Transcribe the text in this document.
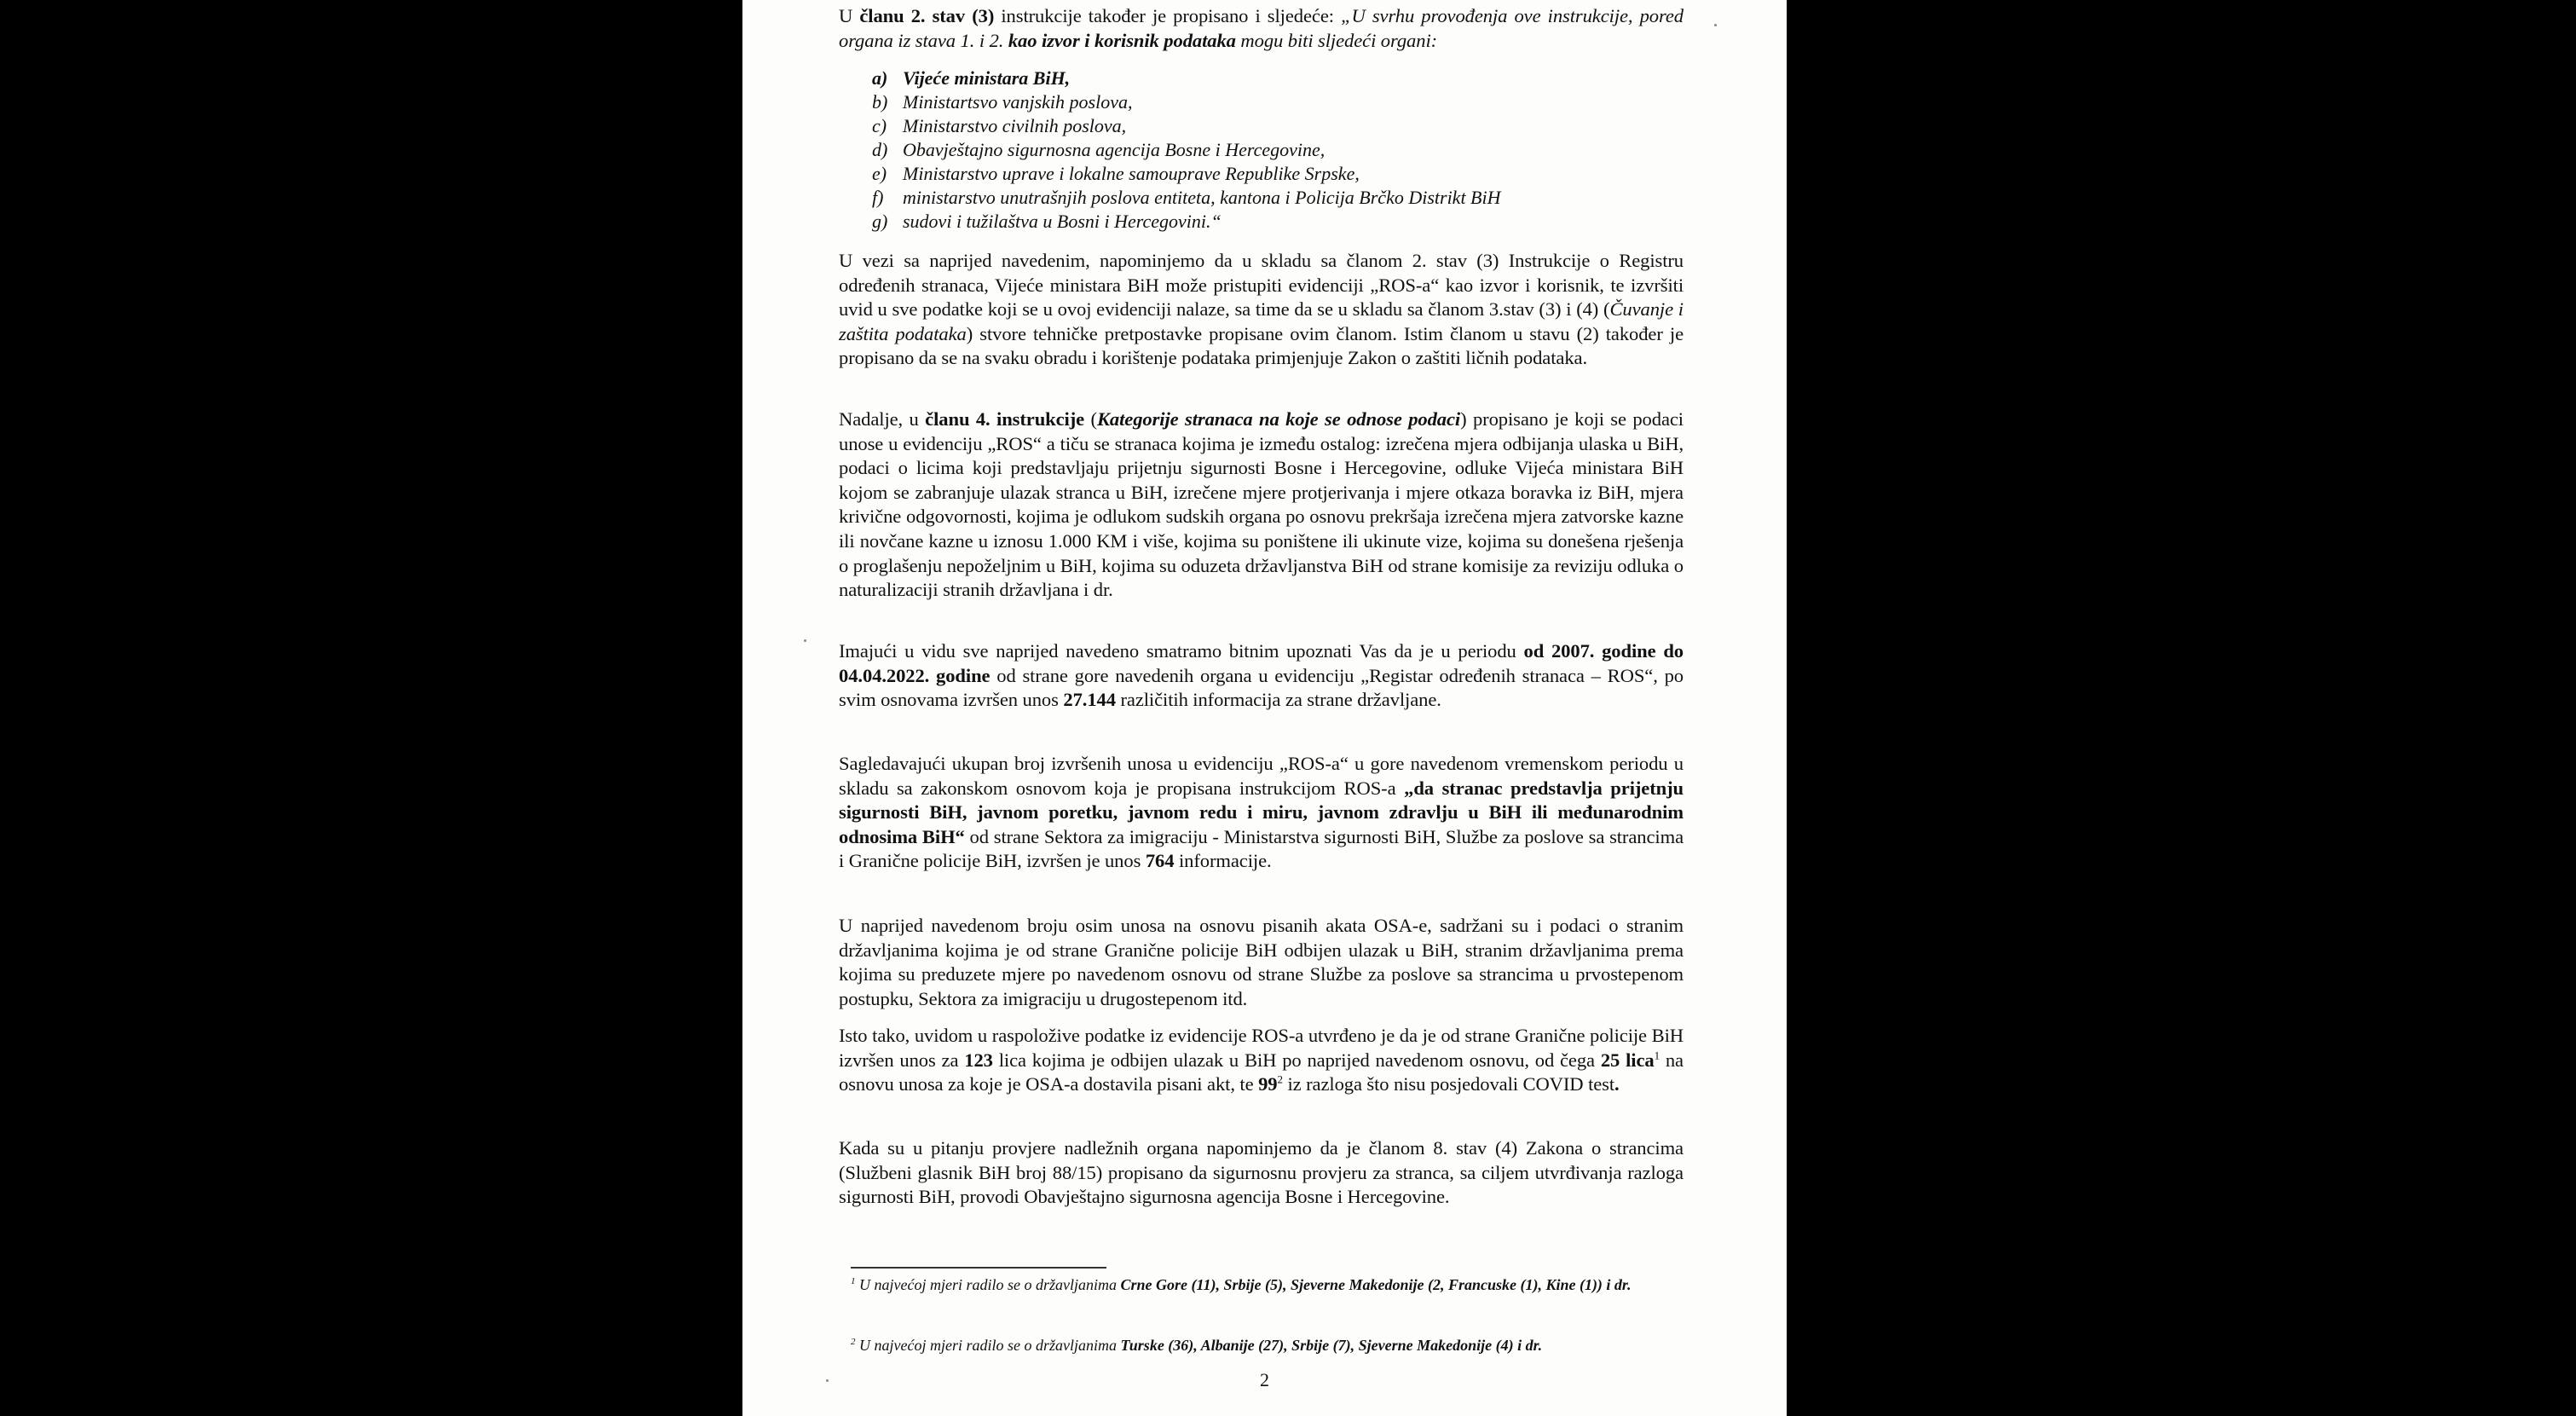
U članu 2. stav (3) instrukcije također je propisano i sljedeće: „U svrhu provođenja ove instrukcije, pored organa iz stava 1. i 2. kao izvor i korisnik podataka mogu biti sljedeći organi:

a) Vijeće ministara BiH,
b) Ministartsvo vanjskih poslova,
c) Ministarstvo civilnih poslova,
d) Obavještajno sigurnosna agencija Bosne i Hercegovine,
e) Ministarstvo uprave i lokalne samouprave Republike Srpske,
f) ministarstvo unutrašnjih poslova entiteta, kantona i Policija Brčko Distrikt BiH
g) sudovi i tužilaštva u Bosni i Hercegovini.“

U vezi sa naprijed navedenim, napominjemo da u skladu sa članom 2. stav (3) Instrukcije o Registru određenih stranaca, Vijeće ministara BiH može pristupiti evidenciji „ROS-a“ kao izvor i korisnik, te izvršiti uvid u sve podatke koji se u ovoj evidenciji nalaze, sa time da se u skladu sa članom 3.stav (3) i (4) (Čuvanje i zaštita podataka) stvore tehničke pretpostavke propisane ovim članom. Istim članom u stavu (2) također je propisano da se na svaku obradu i korištenje podataka primjenjuje Zakon o zaštiti ličnih podataka.

Nadalje, u članu 4. instrukcije (Kategorije stranaca na koje se odnose podaci) propisano je koji se podaci unose u evidenciju „ROS“ a tiču se stranaca kojima je između ostalog: izrečena mjera odbijanja ulaska u BiH, podaci o licima koji predstavljaju prijetnju sigurnosti Bosne i Hercegovine, odluke Vijeća ministara BiH kojom se zabranjuje ulazak stranca u BiH, izrečene mjere protjerivanja i mjere otkaza boravka iz BiH, mjera krivične odgovornosti, kojima je odlukom sudskih organa po osnovu prekršaja izrečena mjera zatvorske kazne ili novčane kazne u iznosu 1.000 KM i više, kojima su poništene ili ukinute vize, kojima su donešena rješenja o proglašenju nepoželjnim u BiH, kojima su oduzeta državljanstva BiH od strane komisije za reviziju odluka o naturalizaciji stranih državljana i dr.

Imajući u vidu sve naprijed navedeno smatramo bitnim upoznati Vas da je u periodu od 2007. godine do 04.04.2022. godine od strane gore navedenih organa u evidenciju „Registar određenih stranaca – ROS“, po svim osnovama izvršen unos 27.144 različitih informacija za strane državljane.

Sagledavajući ukupan broj izvršenih unosa u evidenciju „ROS-a“ u gore navedenom vremenskom periodu u skladu sa zakonskom osnovom koja je propisana instrukcijom ROS-a „da stranac predstavlja prijetnju sigurnosti BiH, javnom poretku, javnom redu i miru, javnom zdravlju u BiH ili međunarodnim odnosima BiH“ od strane Sektora za imigraciju - Ministarstva sigurnosti BiH, Službe za poslove sa strancima i Granične policije BiH, izvršen je unos 764 informacije.

U naprijed navedenom broju osim unosa na osnovu pisanih akata OSA-e, sadržani su i podaci o stranim državljanima kojima je od strane Granične policije BiH odbijen ulazak u BiH, stranim državljanima prema kojima su preduzete mjere po navedenom osnovu od strane Službe za poslove sa strancima u prvostepenom postupku, Sektora za imigraciju u drugostepenom itd.

Isto tako, uvidom u raspoložive podatke iz evidencije ROS-a utvrđeno je da je od strane Granične policije BiH izvršen unos za 123 lica kojima je odbijen ulazak u BiH po naprijed navedenom osnovu, od čega 25 lica$^1$ na osnovu unosa za koje je OSA-a dostavila pisani akt, te $99^2$ iz razloga što nisu posjedovali COVID test.

Kada su u pitanju provjere nadležnih organa napominjemo da je članom 8. stav (4) Zakona o strancima (Službeni glasnik BiH broj 88/15) propisano da sigurnosnu provjeru za stranca, sa ciljem utvrđivanja razloga sigurnosti BiH, provodi Obavještajno sigurnosna agencija Bosne i Hercegovine.

$^1$ U najvećoj mjeri radilo se o državljanima Crne Gore (11), Srbije (5), Sjeverne Makedonije (2, Francuske (1), Kine (1)) i dr.
$^2$ U najvećoj mjeri radilo se o državljanima Turske (36), Albanije (27), Srbije (7), Sjeverne Makedonije (4) i dr.
2
